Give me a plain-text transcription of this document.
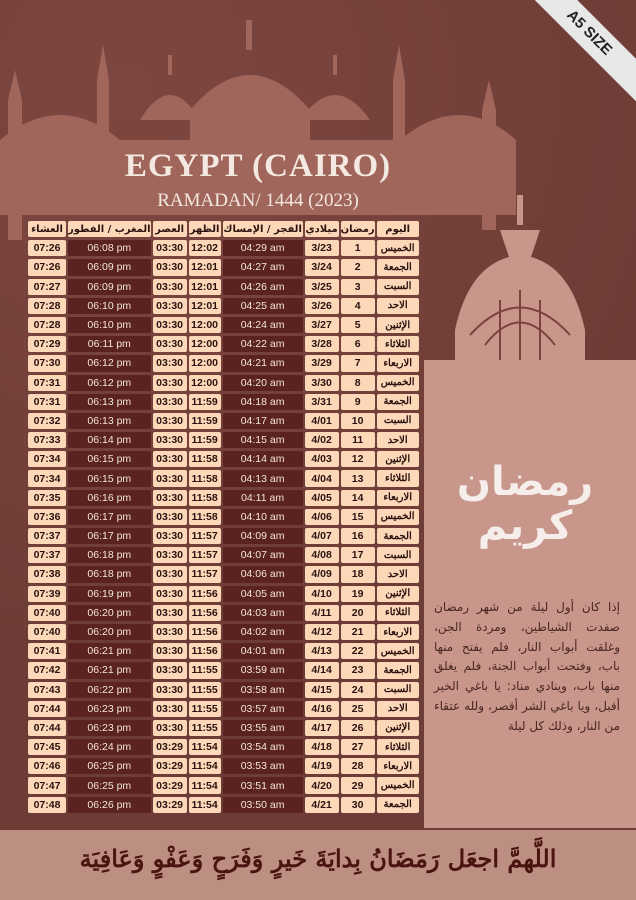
A5 SIZE
EGYPT (CAIRO)
RAMADAN/ 1444 (2023)
العشاء	المغرب / الفطور	العصر	الظهر	الفجر / الإمساك	ميلادي	رمضان	اليوم
07:26	06:08 pm	03:30	12:02	04:29 am	3/23	1	الخميس
07:26	06:09 pm	03:30	12:01	04:27 am	3/24	2	الجمعة
07:27	06:09 pm	03:30	12:01	04:26 am	3/25	3	السبت
07:28	06:10 pm	03:30	12:01	04:25 am	3/26	4	الاحد
07:28	06:10 pm	03:30	12:00	04:24 am	3/27	5	الإثنين
07:29	06:11 pm	03:30	12:00	04:22 am	3/28	6	الثلاثاء
07:30	06:12 pm	03:30	12:00	04:21 am	3/29	7	الاربعاء
07:31	06:12 pm	03:30	12:00	04:20 am	3/30	8	الخميس
07:31	06:13 pm	03:30	11:59	04:18 am	3/31	9	الجمعة
07:32	06:13 pm	03:30	11:59	04:17 am	4/01	10	السبت
07:33	06:14 pm	03:30	11:59	04:15 am	4/02	11	الاحد
07:34	06:15 pm	03:30	11:58	04:14 am	4/03	12	الإثنين
07:34	06:15 pm	03:30	11:58	04:13 am	4/04	13	الثلاثاء
07:35	06:16 pm	03:30	11:58	04:11 am	4/05	14	الاربعاء
07:36	06:17 pm	03:30	11:58	04:10 am	4/06	15	الخميس
07:37	06:17 pm	03:30	11:57	04:09 am	4/07	16	الجمعة
07:37	06:18 pm	03:30	11:57	04:07 am	4/08	17	السبت
07:38	06:18 pm	03:30	11:57	04:06 am	4/09	18	الاحد
07:39	06:19 pm	03:30	11:56	04:05 am	4/10	19	الإثنين
07:40	06:20 pm	03:30	11:56	04:03 am	4/11	20	الثلاثاء
07:40	06:20 pm	03:30	11:56	04:02 am	4/12	21	الاربعاء
07:41	06:21 pm	03:30	11:56	04:01 am	4/13	22	الخميس
07:42	06:21 pm	03:30	11:55	03:59 am	4/14	23	الجمعة
07:43	06:22 pm	03:30	11:55	03:58 am	4/15	24	السبت
07:44	06:23 pm	03:30	11:55	03:57 am	4/16	25	الاحد
07:44	06:23 pm	03:30	11:55	03:55 am	4/17	26	الإثنين
07:45	06:24 pm	03:29	11:54	03:54 am	4/18	27	الثلاثاء
07:46	06:25 pm	03:29	11:54	03:53 am	4/19	28	الاربعاء
07:47	06:25 pm	03:29	11:54	03:51 am	4/20	29	الخميس
07:48	06:26 pm	03:29	11:54	03:50 am	4/21	30	الجمعة
رمضان كريم
إذا كان أول ليلة من شهر رمضان صفدت الشياطين، ومردة الجن، وغلقت أبواب النار، فلم يفتح منها باب، وفتحت أبواب الجنة، فلم يغلق منها باب، وينادي مناد: يا باغي الخير أقبل، ويا باغي الشر أقصر، ولله عتقاء من النار، وذلك كل ليلة
اللَّهمَّ اجعَل رَمَضَانُ بِدايَةَ خَيرٍ وَفَرَحٍ وَعَفْوٍ وَعَافِيَة
